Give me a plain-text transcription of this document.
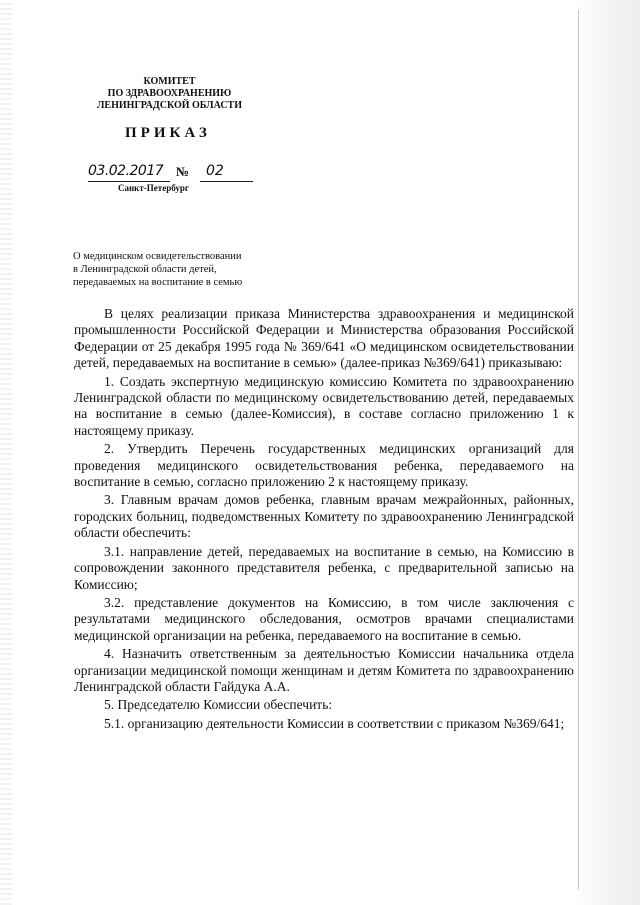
КОМИТЕТ
ПО ЗДРАВООХРАНЕНИЮ
ЛЕНИНГРАДСКОЙ ОБЛАСТИ
ПРИКАЗ
03.02.2017 № 02
Санкт-Петербург
О медицинском освидетельствовании
в Ленинградской области детей,
передаваемых на воспитание в семью

В целях реализации приказа Министерства здравоохранения и медицинской промышленности Российской Федерации и Министерства образования Российской Федерации от 25 декабря 1995 года № 369/641 «О медицинском освидетельствовании детей, передаваемых на воспитание в семью» (далее-приказ №369/641) приказываю:

1. Создать экспертную медицинскую комиссию Комитета по здравоохранению Ленинградской области по медицинскому освидетельствованию детей, передаваемых на воспитание в семью (далее-Комиссия), в составе согласно приложению 1 к настоящему приказу.

2. Утвердить Перечень государственных медицинских организаций для проведения медицинского освидетельствования ребенка, передаваемого на воспитание в семью, согласно приложению 2 к настоящему приказу.

3. Главным врачам домов ребенка, главным врачам межрайонных, районных, городских больниц, подведомственных Комитету по здравоохранению Ленинградской области обеспечить:

3.1. направление детей, передаваемых на воспитание в семью, на Комиссию в сопровождении законного представителя ребенка, с предварительной записью на Комиссию;

3.2. представление документов на Комиссию, в том числе заключения с результатами медицинского обследования, осмотров врачами специалистами медицинской организации на ребенка, передаваемого на воспитание в семью.

4. Назначить ответственным за деятельностью Комиссии начальника отдела организации медицинской помощи женщинам и детям Комитета по здравоохранению Ленинградской области Гайдука А.А.

5. Председателю Комиссии обеспечить:

5.1. организацию деятельности Комиссии в соответствии с приказом №369/641;
